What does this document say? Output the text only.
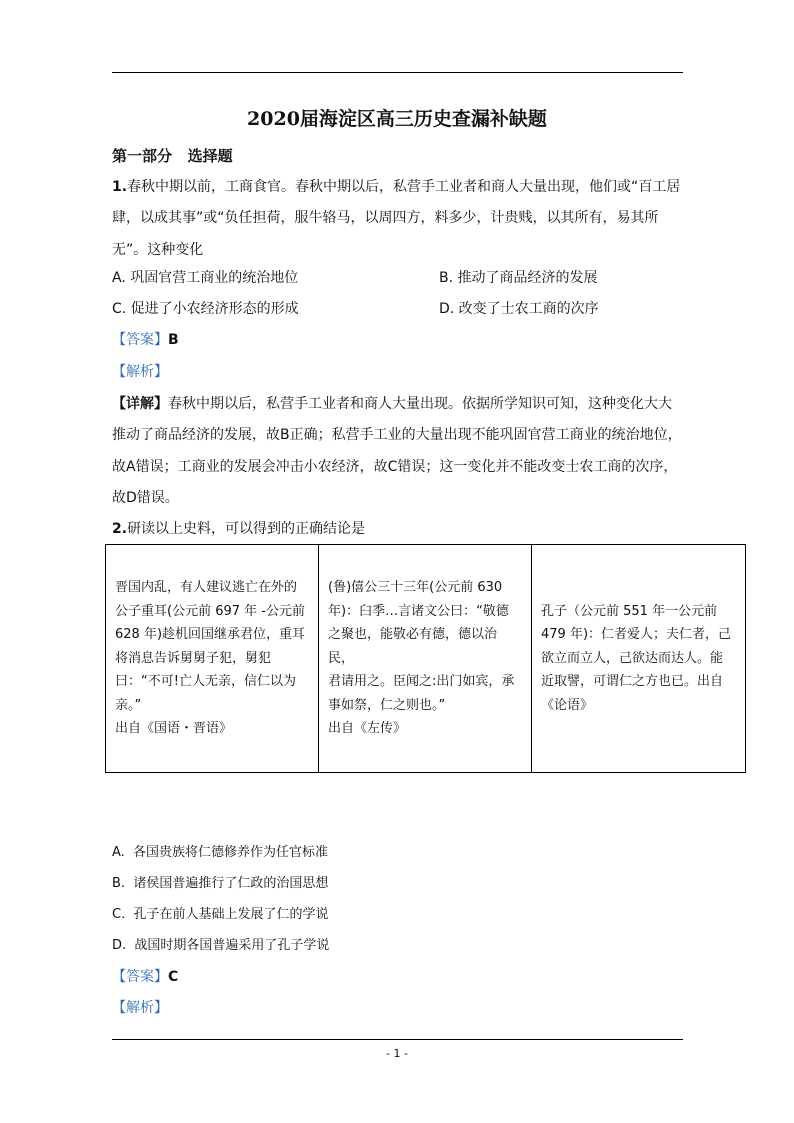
2020届海淀区高三历史查漏补缺题
第一部分   选择题
1.春秋中期以前，工商食官。春秋中期以后，私营手工业者和商人大量出现，他们或“百工居
肆，以成其事”或“负任担荷，服牛辂马，以周四方，料多少，计贵贱，以其所有，易其所
无”。这种变化
A. 巩固官营工商业的统治地位	B. 推动了商品经济的发展
C. 促进了小农经济形态的形成	D. 改变了士农工商的次序
【答案】B
【解析】
【详解】春秋中期以后，私营手工业者和商人大量出现。依据所学知识可知，这种变化大大
推动了商品经济的发展，故B正确；私营手工业的大量出现不能巩固官营工商业的统治地位，
故A错误；工商业的发展会冲击小农经济，故C错误；这一变化并不能改变士农工商的次序，
故D错误。
2.研读以上史料，可以得到的正确结论是
晋国内乱，有人建议逃亡在外的
公子重耳(公元前 697 年 -公元前
628 年)趁机回国继承君位，重耳
将消息告诉舅舅子犯，舅犯
曰：“不可!亡人无亲，信仁以为
亲。”
出自《国语・晋语》	(鲁)僖公三十三年(公元前 630
年)：臼季…言诸文公曰：“敬德
之聚也，能敬必有德，德以治民，
君请用之。臣闻之:出门如宾，承
事如祭，仁之则也。”
出自《左传》	孔子（公元前 551 年一公元前
479 年)：仁者爱人；夫仁者，己
欲立而立人，己欲达而达人。能
近取譬，可谓仁之方也已。出自
《论语》
A.  各国贵族将仁德修养作为任官标准
B.  诸侯国普遍推行了仁政的治国思想
C.  孔子在前人基础上发展了仁的学说
D.  战国时期各国普遍采用了孔子学说
【答案】C
【解析】
- 1 -
